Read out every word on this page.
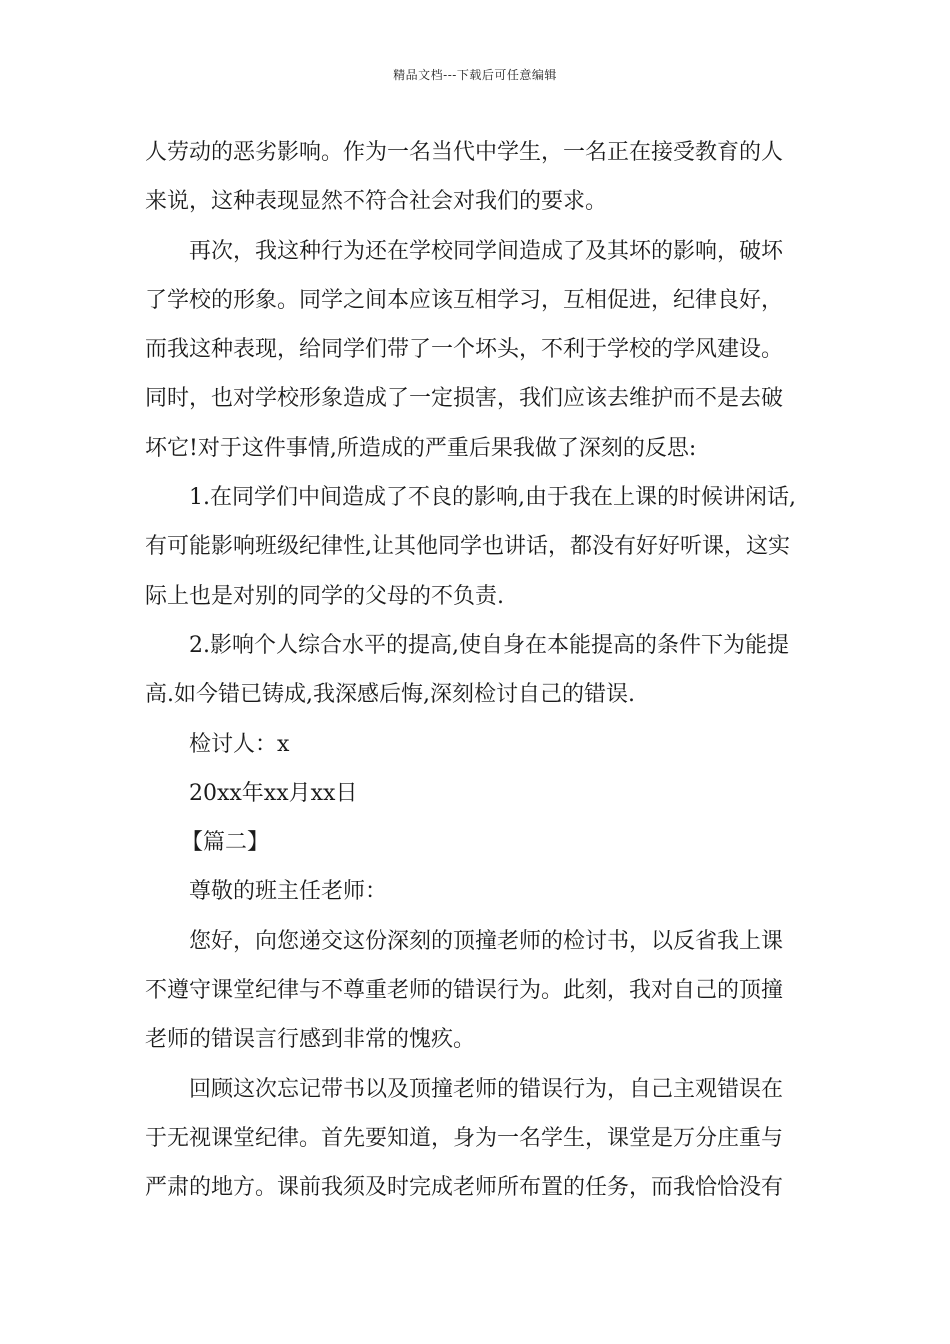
精品文档---下载后可任意编辑
人劳动的恶劣影响。作为一名当代中学生，一名正在接受教育的人
来说，这种表现显然不符合社会对我们的要求。
再次，我这种行为还在学校同学间造成了及其坏的影响，破坏
了学校的形象。同学之间本应该互相学习，互相促进，纪律良好，
而我这种表现，给同学们带了一个坏头，不利于学校的学风建设。
同时，也对学校形象造成了一定损害，我们应该去维护而不是去破
坏它!对于这件事情,所造成的严重后果我做了深刻的反思:
1.在同学们中间造成了不良的影响,由于我在上课的时候讲闲话,
有可能影响班级纪律性,让其他同学也讲话，都没有好好听课，这实
际上也是对别的同学的父母的不负责.
2.影响个人综合水平的提高,使自身在本能提高的条件下为能提
高.如今错已铸成,我深感后悔,深刻检讨自己的错误.
检讨人：x
20xx年xx月xx日
【篇二】
尊敬的班主任老师：
您好，向您递交这份深刻的顶撞老师的检讨书，以反省我上课
不遵守课堂纪律与不尊重老师的错误行为。此刻，我对自己的顶撞
老师的错误言行感到非常的愧疚。
回顾这次忘记带书以及顶撞老师的错误行为，自己主观错误在
于无视课堂纪律。首先要知道，身为一名学生，课堂是万分庄重与
严肃的地方。课前我须及时完成老师所布置的任务，而我恰恰没有
